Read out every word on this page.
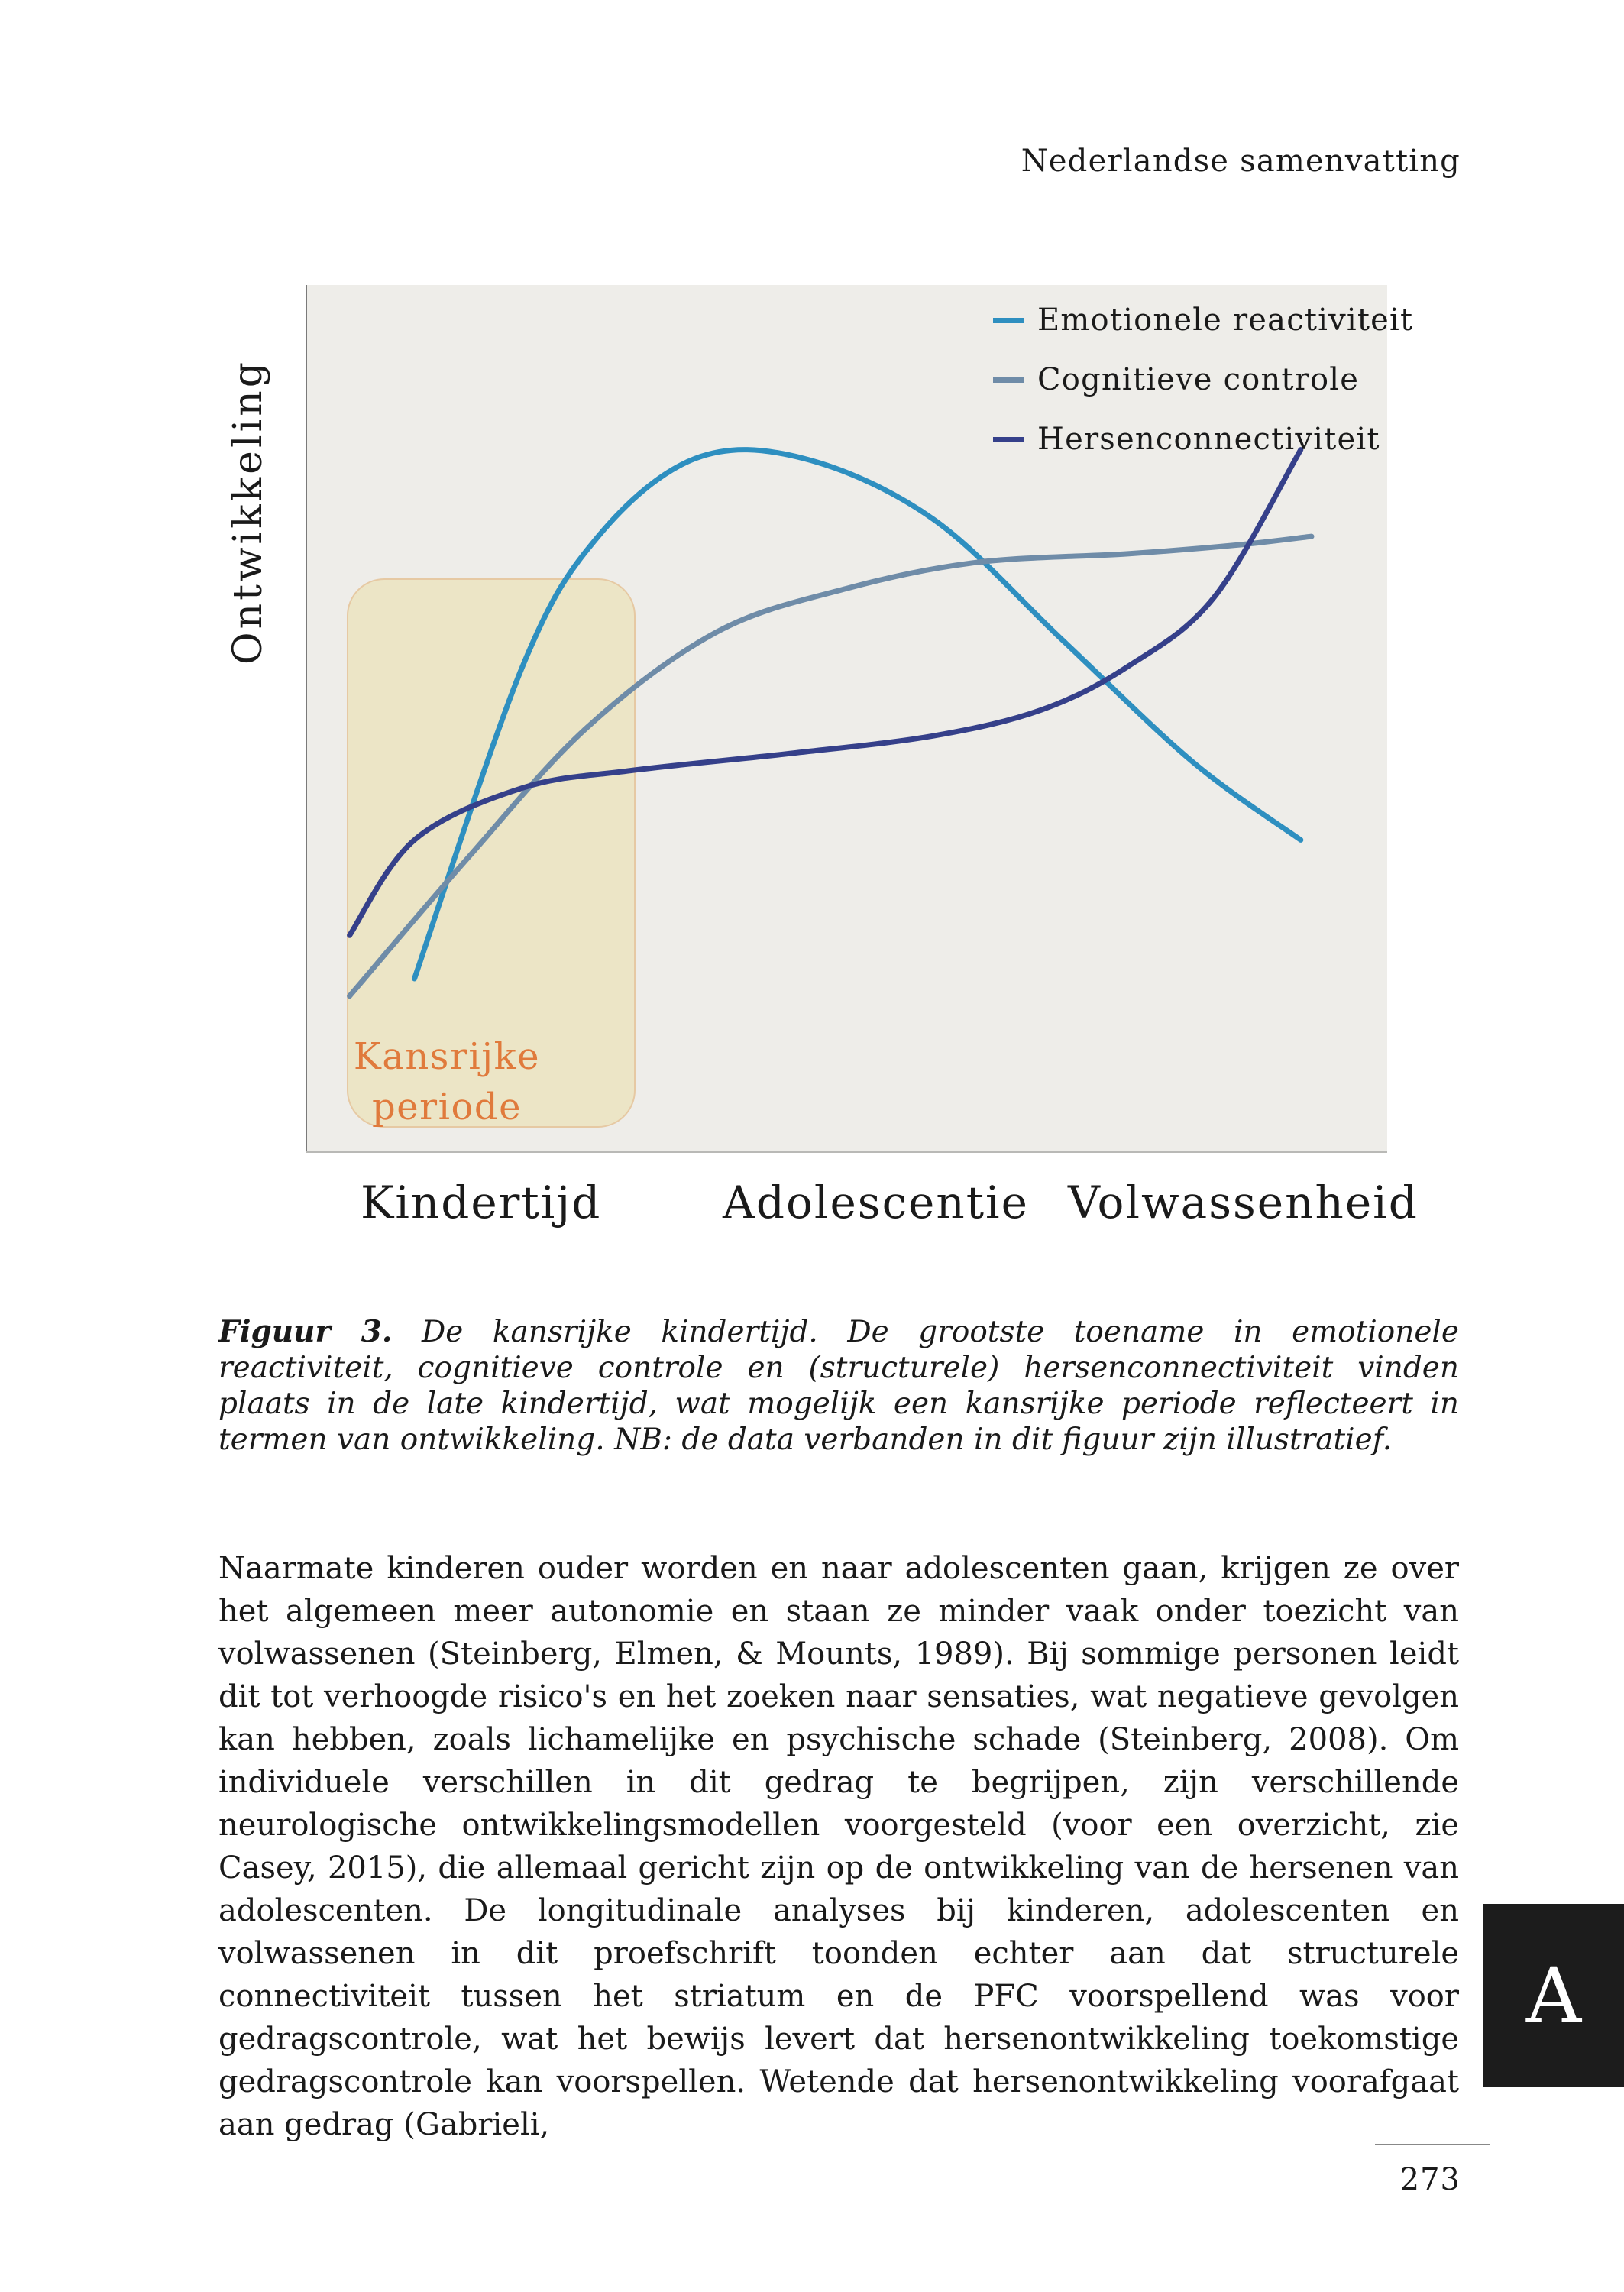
Nederlandse samenvatting
Ontwikkeling
Kindertijd	Adolescentie Volwassenheid
Emotionele reactiviteit
Cognitieve controle
Hersenconnectiviteit
Kansrijke
periode
Figuur 3. De kansrijke kindertijd. De grootste toename in emotionele reactiviteit, cognitieve controle en (structurele) hersenconnectiviteit vinden plaats in de late kindertijd, wat mogelijk een kansrijke periode reflecteert in termen van ontwikkeling. NB: de data verbanden in dit figuur zijn illustratief.
Naarmate kinderen ouder worden en naar adolescenten gaan, krijgen ze over het algemeen meer autonomie en staan ze minder vaak onder toezicht van volwassenen (Steinberg, Elmen, & Mounts, 1989). Bij sommige personen leidt dit tot verhoogde risico's en het zoeken naar sensaties, wat negatieve gevolgen kan hebben, zoals lichamelijke en psychische schade (Steinberg, 2008). Om individuele verschillen in dit gedrag te begrijpen, zijn verschillende neurologische ontwikkelingsmodellen voorgesteld (voor een overzicht, zie Casey, 2015), die allemaal gericht zijn op de ontwikkeling van de hersenen van adolescenten. De longitudinale analyses bij kinderen, adolescenten en volwassenen in dit proefschrift toonden echter aan dat structurele connectiviteit tussen het striatum en de PFC voorspellend was voor gedragscontrole, wat het bewijs levert dat hersenontwikkeling toekomstige gedragscontrole kan voorspellen. Wetende dat hersenontwikkeling voorafgaat aan gedrag (Gabrieli,
A
273
